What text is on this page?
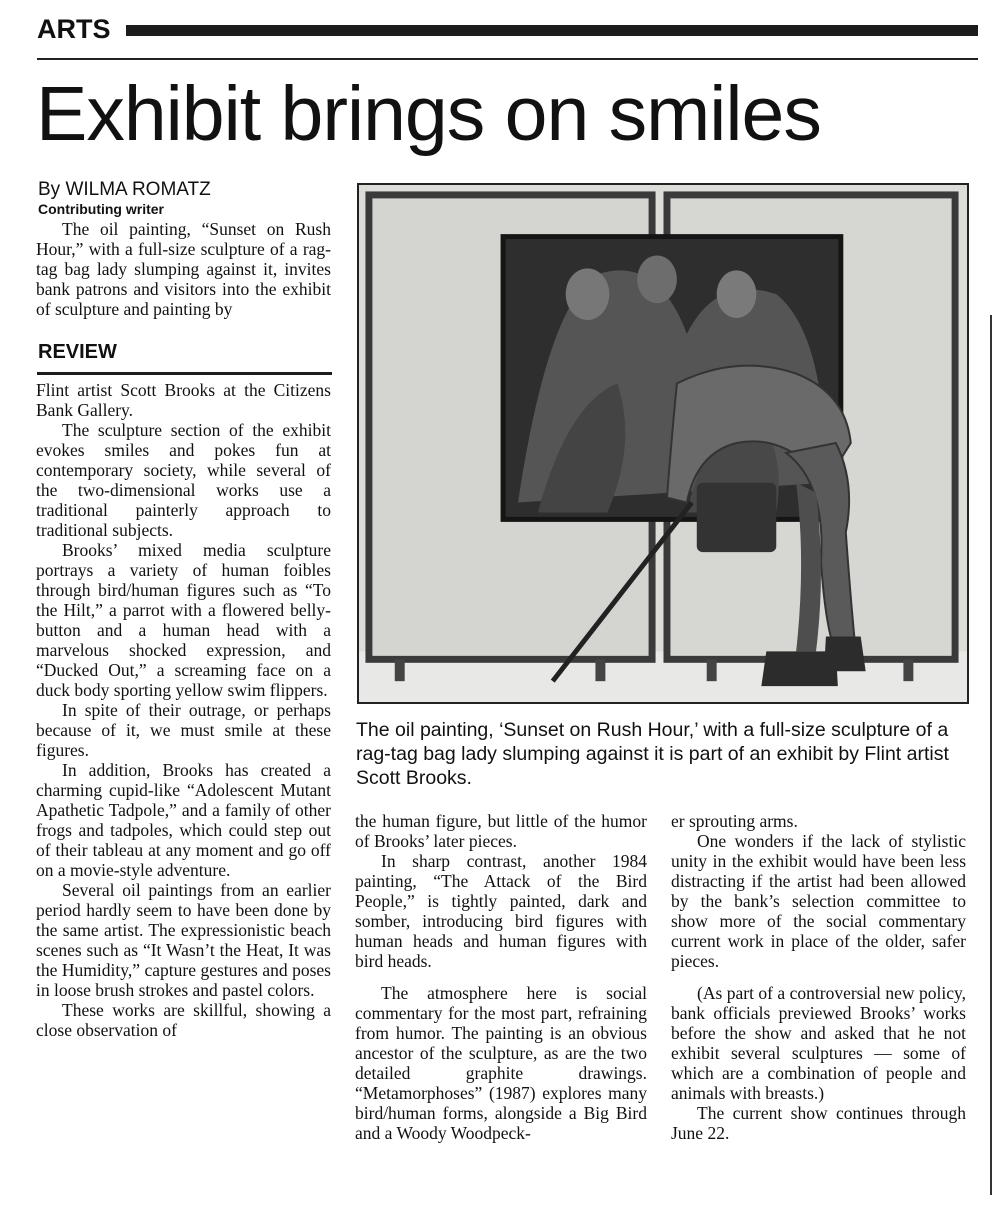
ARTS
Exhibit brings on smiles
By WILMA ROMATZ
Contributing writer

The oil painting, “Sunset on Rush Hour,” with a full-size sculpture of a rag-tag bag lady slumping against it, invites bank patrons and visitors into the exhibit of sculpture and painting by

REVIEW

Flint artist Scott Brooks at the Citizens Bank Gallery.

The sculpture section of the exhibit evokes smiles and pokes fun at contemporary society, while several of the two-dimensional works use a traditional painterly approach to traditional subjects.

Brooks’ mixed media sculpture portrays a variety of human foibles through bird/human figures such as “To the Hilt,” a parrot with a flowered belly-button and a human head with a marvelous shocked expression, and “Ducked Out,” a screaming face on a duck body sporting yellow swim flippers.

In spite of their outrage, or perhaps because of it, we must smile at these figures.

In addition, Brooks has created a charming cupid-like “Adolescent Mutant Apathetic Tadpole,” and a family of other frogs and tadpoles, which could step out of their tableau at any moment and go off on a movie-style adventure.

Several oil paintings from an earlier period hardly seem to have been done by the same artist. The expressionistic beach scenes such as “It Wasn’t the Heat, It was the Humidity,” capture gestures and poses in loose brush strokes and pastel colors.

These works are skillful, showing a close observation of

The oil painting, ‘Sunset on Rush Hour,’ with a full-size sculpture of a rag-tag bag lady slumping against it is part of an exhibit by Flint artist Scott Brooks.

the human figure, but little of the humor of Brooks’ later pieces.

In sharp contrast, another 1984 painting, “The Attack of the Bird People,” is tightly painted, dark and somber, introducing bird figures with human heads and human figures with bird heads.

The atmosphere here is social commentary for the most part, refraining from humor. The painting is an obvious ancestor of the sculpture, as are the two detailed graphite drawings. “Metamorphoses” (1987) explores many bird/human forms, alongside a Big Bird and a Woody Woodpeck-

er sprouting arms.

One wonders if the lack of stylistic unity in the exhibit would have been less distracting if the artist had been allowed by the bank’s selection committee to show more of the social commentary current work in place of the older, safer pieces.

(As part of a controversial new policy, bank officials previewed Brooks’ works before the show and asked that he not exhibit several sculptures — some of which are a combination of people and animals with breasts.)

The current show continues through June 22.
